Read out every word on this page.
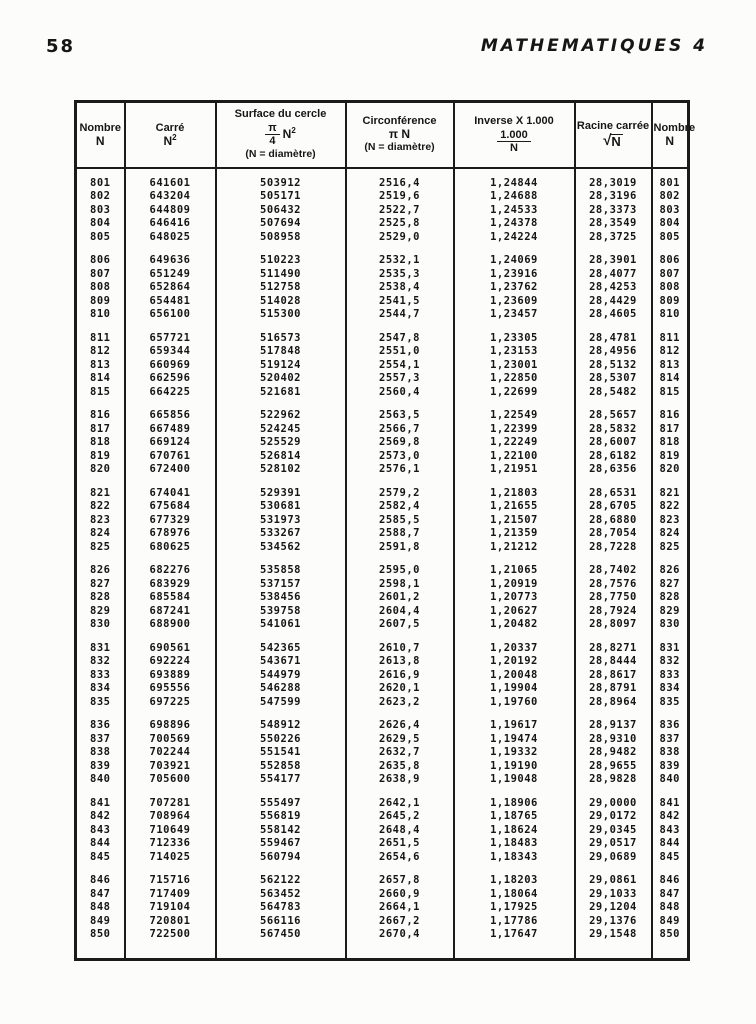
58	MATHEMATIQUES 4
Nombre
N

Carré
$N^2$

Surface du cercle
$\frac{\pi}{4} N^2$
(N = diamètre)

Circonférence
π N
(N = diamètre)

Inverse X 1.000
$\frac{1.000}{N}$

Racine carrée
√ N

Nombre
N

801	641601	503912	2516,4	1,24844	28,3019	801
802	643204	505171	2519,6	1,24688	28,3196	802
803	644809	506432	2522,7	1,24533	28,3373	803
804	646416	507694	2525,8	1,24378	28,3549	804
805	648025	508958	2529,0	1,24224	28,3725	805
806	649636	510223	2532,1	1,24069	28,3901	806
807	651249	511490	2535,3	1,23916	28,4077	807
808	652864	512758	2538,4	1,23762	28,4253	808
809	654481	514028	2541,5	1,23609	28,4429	809
810	656100	515300	2544,7	1,23457	28,4605	810
811	657721	516573	2547,8	1,23305	28,4781	811
812	659344	517848	2551,0	1,23153	28,4956	812
813	660969	519124	2554,1	1,23001	28,5132	813
814	662596	520402	2557,3	1,22850	28,5307	814
815	664225	521681	2560,4	1,22699	28,5482	815
816	665856	522962	2563,5	1,22549	28,5657	816
817	667489	524245	2566,7	1,22399	28,5832	817
818	669124	525529	2569,8	1,22249	28,6007	818
819	670761	526814	2573,0	1,22100	28,6182	819
820	672400	528102	2576,1	1,21951	28,6356	820
821	674041	529391	2579,2	1,21803	28,6531	821
822	675684	530681	2582,4	1,21655	28,6705	822
823	677329	531973	2585,5	1,21507	28,6880	823
824	678976	533267	2588,7	1,21359	28,7054	824
825	680625	534562	2591,8	1,21212	28,7228	825
826	682276	535858	2595,0	1,21065	28,7402	826
827	683929	537157	2598,1	1,20919	28,7576	827
828	685584	538456	2601,2	1,20773	28,7750	828
829	687241	539758	2604,4	1,20627	28,7924	829
830	688900	541061	2607,5	1,20482	28,8097	830
831	690561	542365	2610,7	1,20337	28,8271	831
832	692224	543671	2613,8	1,20192	28,8444	832
833	693889	544979	2616,9	1,20048	28,8617	833
834	695556	546288	2620,1	1,19904	28,8791	834
835	697225	547599	2623,2	1,19760	28,8964	835
836	698896	548912	2626,4	1,19617	28,9137	836
837	700569	550226	2629,5	1,19474	28,9310	837
838	702244	551541	2632,7	1,19332	28,9482	838
839	703921	552858	2635,8	1,19190	28,9655	839
840	705600	554177	2638,9	1,19048	28,9828	840
841	707281	555497	2642,1	1,18906	29,0000	841
842	708964	556819	2645,2	1,18765	29,0172	842
843	710649	558142	2648,4	1,18624	29,0345	843
844	712336	559467	2651,5	1,18483	29,0517	844
845	714025	560794	2654,6	1,18343	29,0689	845
846	715716	562122	2657,8	1,18203	29,0861	846
847	717409	563452	2660,9	1,18064	29,1033	847
848	719104	564783	2664,1	1,17925	29,1204	848
849	720801	566116	2667,2	1,17786	29,1376	849
850	722500	567450	2670,4	1,17647	29,1548	850
